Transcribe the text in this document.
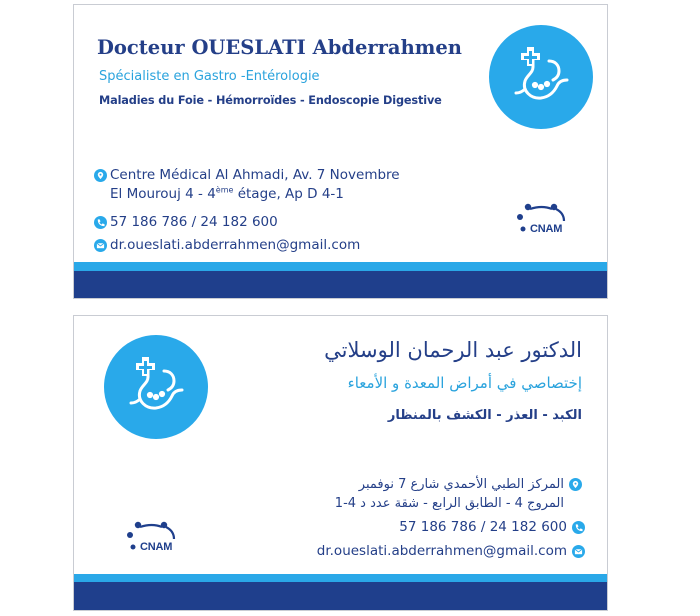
Docteur OUESLATI Abderrahmen
Spécialiste en Gastro -Entérologie
Maladies du Foie - Hémorroïdes - Endoscopie Digestive
Centre Médical Al Ahmadi, Av. 7 Novembre
El Mourouj 4 - 4ème étage, Ap D 4-1
57 186 786 / 24 182 600
dr.oueslati.abderrahmen@gmail.com
CNAM
الدكتور عبد الرحمان الوسلاتي
إختصاصي في أمراض المعدة و الأمعاء
الكبد - العذر - الكشف بالمنظار
المركز الطبي الأحمدي شارع 7 نوفمبر
المروج 4 - الطابق الرابع - شقة عدد د 4-1
57 186 786 / 24 182 600
dr.oueslati.abderrahmen@gmail.com
CNAM
